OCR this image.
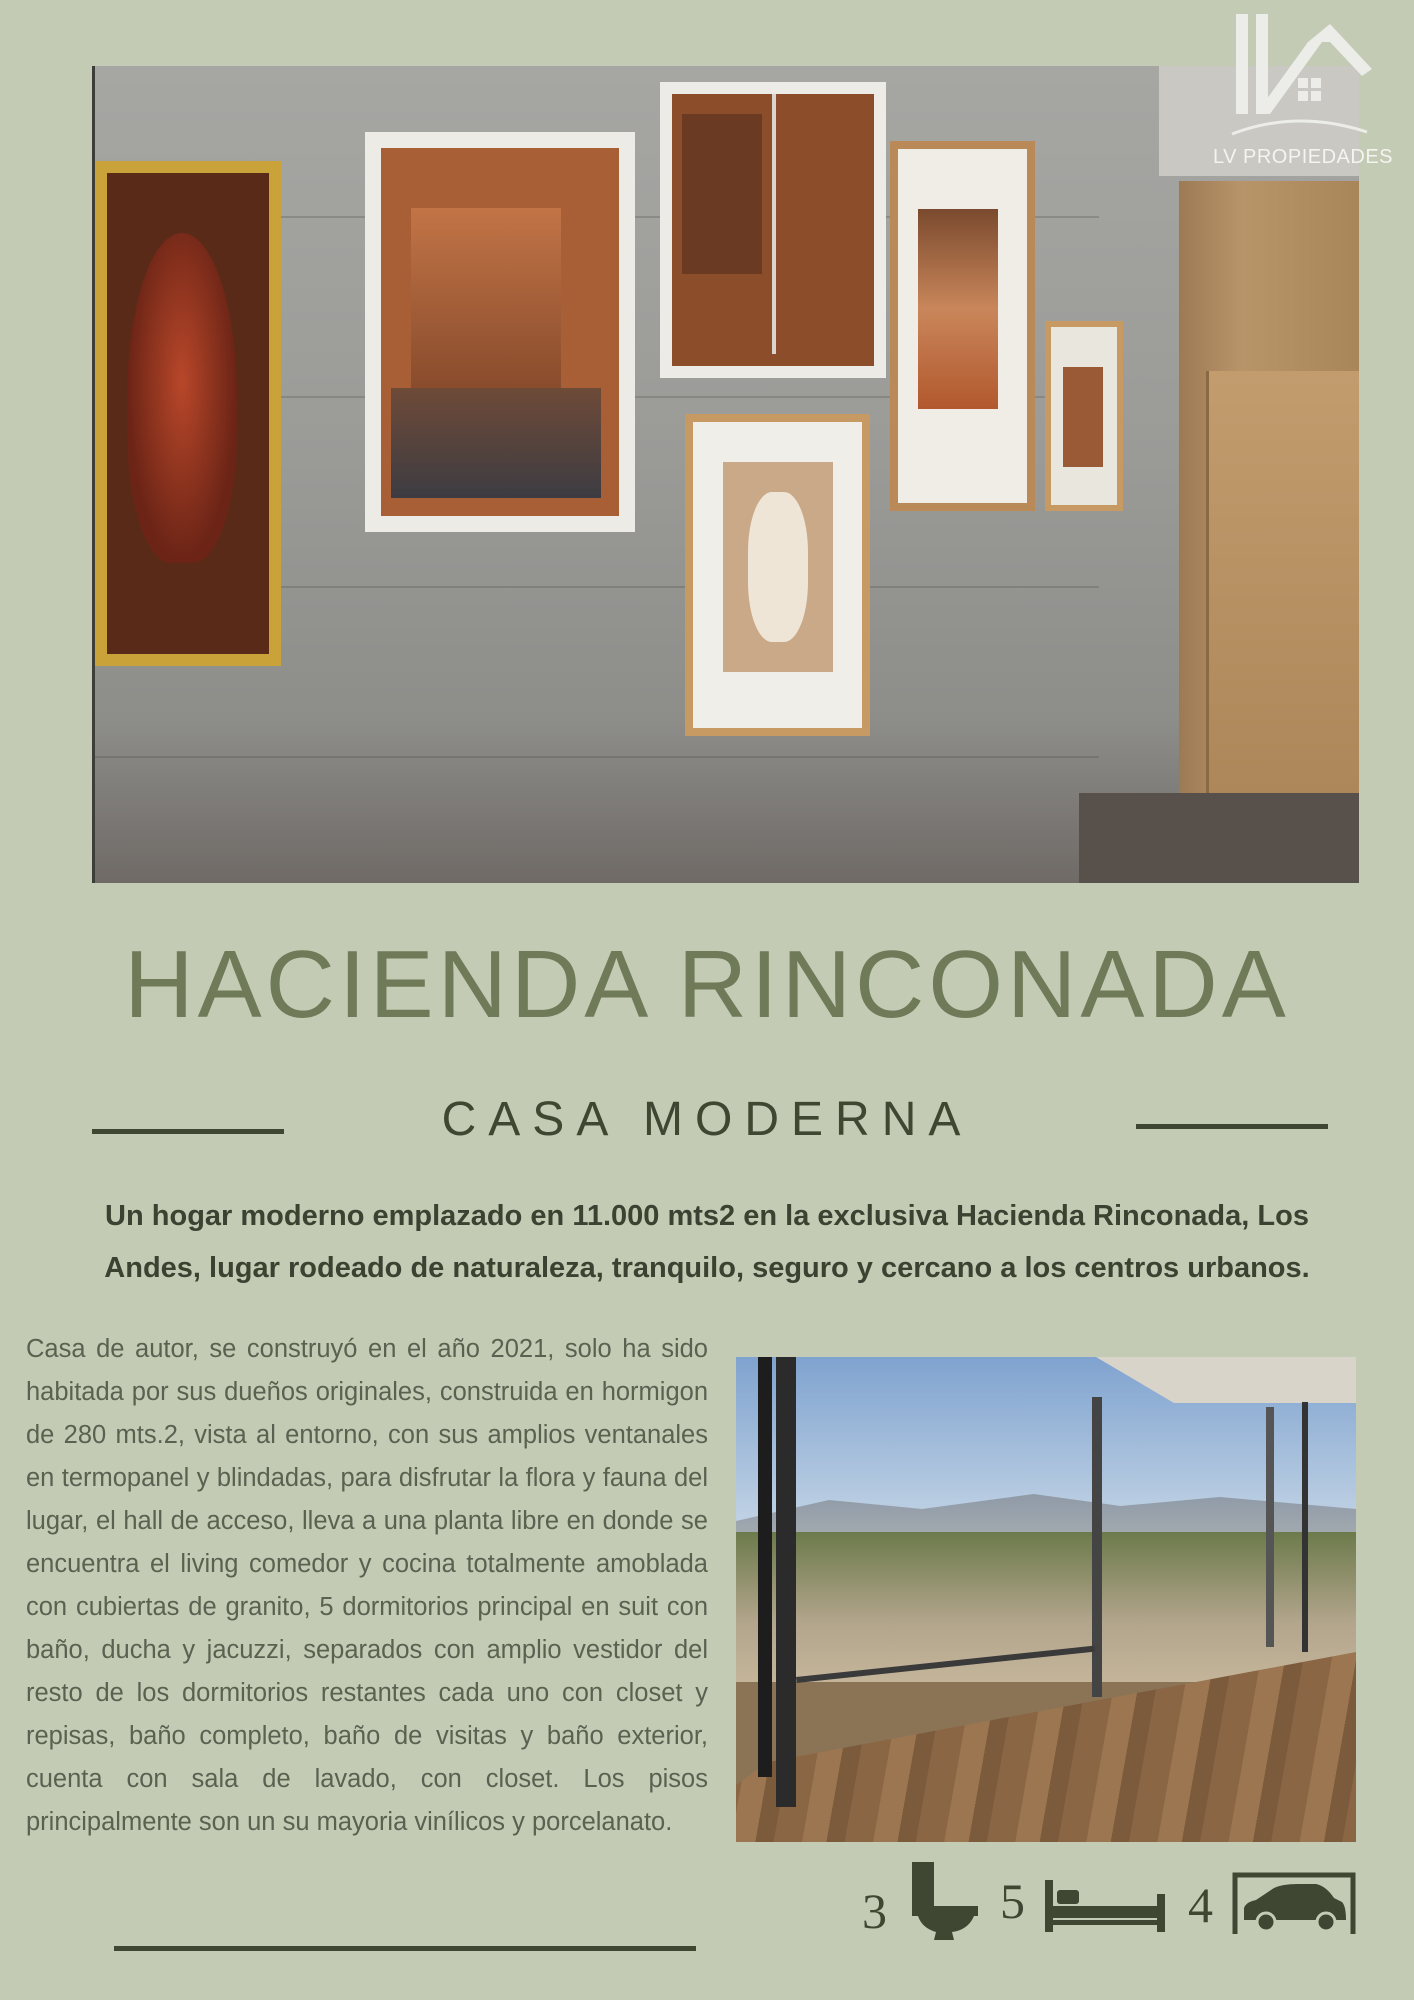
LV PROPIEDADES
HACIENDA RINCONADA
CASA MODERNA
Un hogar moderno emplazado en 11.000 mts2 en la exclusiva Hacienda Rinconada, Los Andes, lugar rodeado de naturaleza, tranquilo, seguro y cercano a los centros urbanos.
Casa de autor, se construyó en el año 2021, solo ha sido habitada por sus dueños originales, construida en hormigon de 280 mts.2, vista al entorno, con sus amplios ventanales en termopanel y blindadas, para disfrutar la flora y fauna del lugar, el hall de acceso, lleva a una planta libre en donde se encuentra el living comedor y cocina totalmente amoblada con cubiertas de granito, 5 dormitorios principal en suit con baño, ducha y jacuzzi, separados con amplio vestidor del resto de los dormitorios restantes cada uno con closet y repisas, baño completo, baño de visitas y baño exterior, cuenta con sala de lavado, con closet. Los pisos principalmente son un su mayoria vinílicos y porcelanato.
3 5	4
